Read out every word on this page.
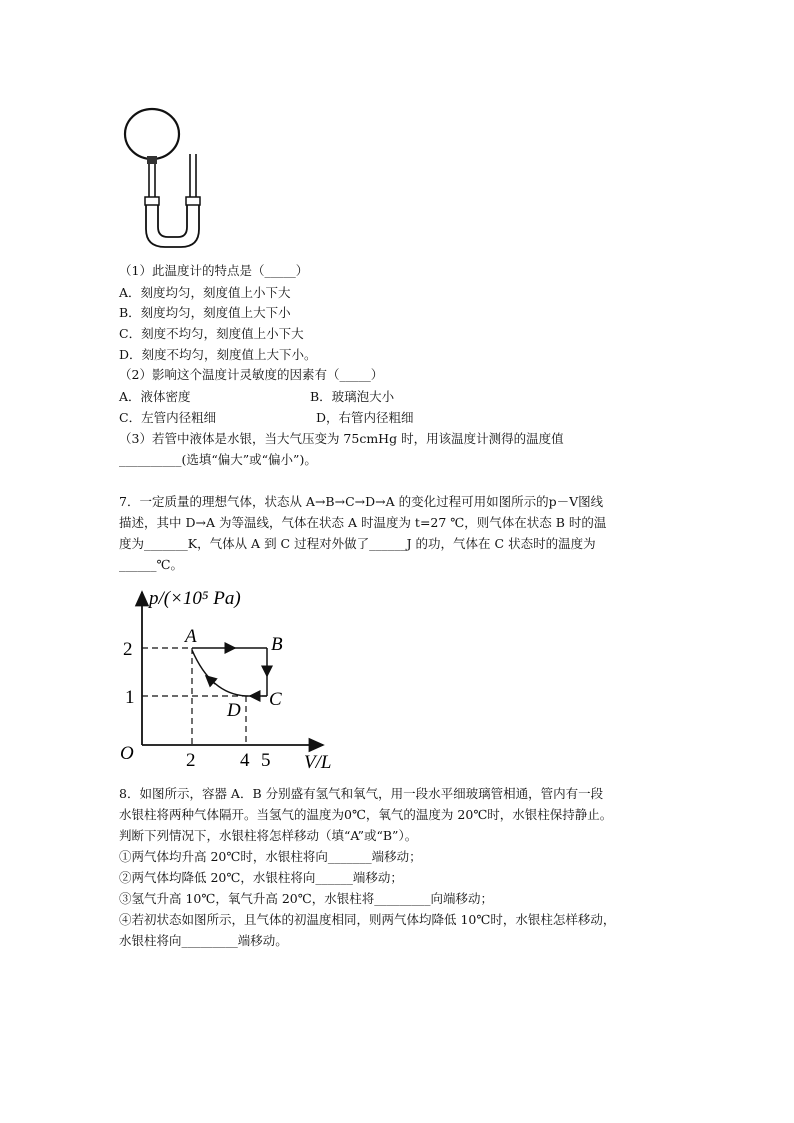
（1）此温度计的特点是（_____）
A．刻度均匀，刻度值上小下大
B．刻度均匀，刻度值上大下小
C．刻度不均匀，刻度值上小下大
D．刻度不均匀，刻度值上大下小。
（2）影响这个温度计灵敏度的因素有（_____）
A．液体密度	B．玻璃泡大小
C．左管内径粗细	D，右管内径粗细
（3）若管中液体是水银，当大气压变为 75cmHg 时，用该温度计测得的温度值
__________(选填“偏大”或“偏小”)。
7．一定质量的理想气体，状态从 A→B→C→D→A 的变化过程可用如图所示的p－V图线
描述，其中 D→A 为等温线，气体在状态 A 时温度为 t=27 ℃，则气体在状态 B 时的温
度为_______K，气体从 A 到 C 过程对外做了______J 的功，气体在 C 状态时的温度为
______℃。
p/(×10⁵ Pa)
V/L
O
2
1
2 4 5
A	B
C
D
8．如图所示，容器 A．B 分别盛有氢气和氧气，用一段水平细玻璃管相通，管内有一段
水银柱将两种气体隔开。当氢气的温度为0℃，氧气的温度为 20℃时，水银柱保持静止。
判断下列情况下，水银柱将怎样移动（填“A”或“B”）。
①两气体均升高 20℃时，水银柱将向_______端移动；
②两气体均降低 20℃，水银柱将向______端移动；
③氢气升高 10℃，氧气升高 20℃，水银柱将_________向端移动；
④若初状态如图所示，且气体的初温度相同，则两气体均降低 10℃时，水银柱怎样移动，
水银柱将向_________端移动。
